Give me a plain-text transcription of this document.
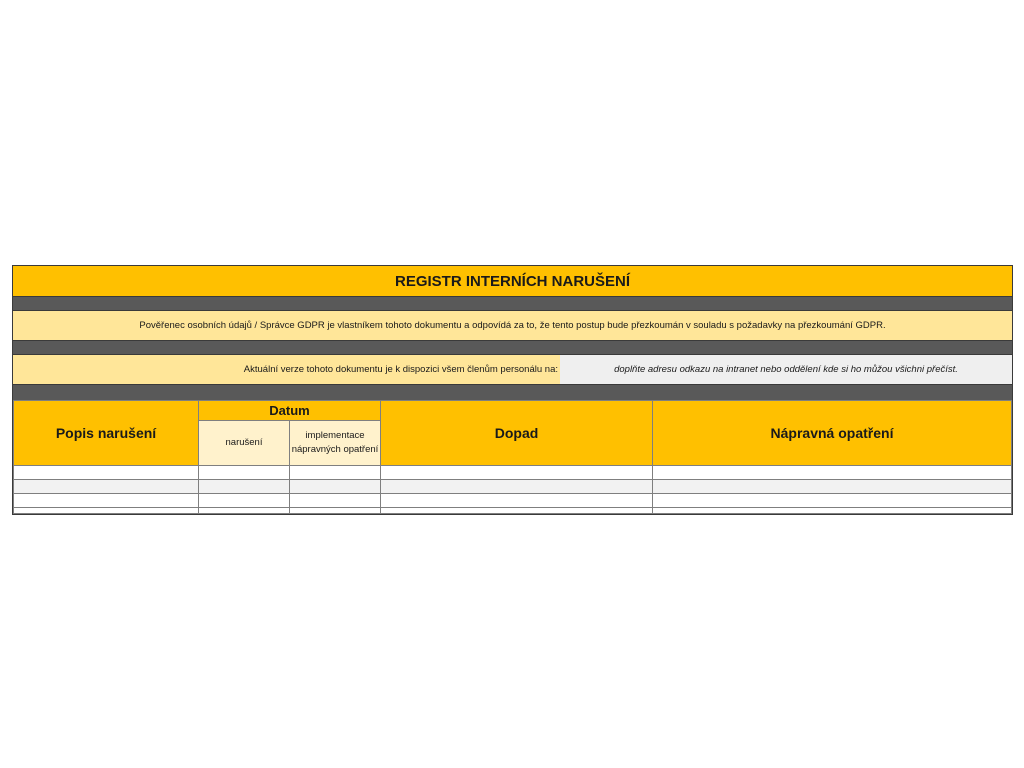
REGISTR INTERNÍCH NARUŠENÍ
Pověřenec osobních údajů / Správce GDPR je vlastníkem tohoto dokumentu a odpovídá za to, že tento postup bude přezkoumán v souladu s požadavky na přezkoumání GDPR.
Aktuální verze tohoto dokumentu je k dispozici všem členům personálu na:	doplňte adresu odkazu na intranet nebo oddělení kde si ho můžou všichni přečíst.
Popis narušení	Datum		Dopad	Nápravná opatření
	narušení	implementace nápravných opatření		
